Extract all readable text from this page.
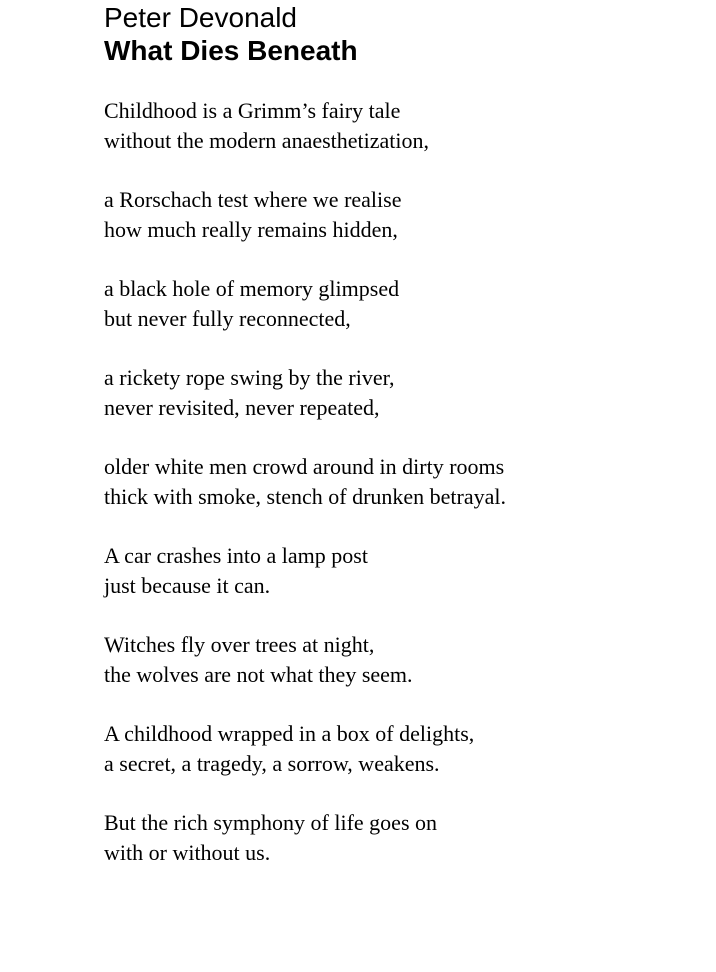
Peter Devonald
What Dies Beneath
Childhood is a Grimm’s fairy tale
without the modern anaesthetization,
a Rorschach test where we realise
how much really remains hidden,
a black hole of memory glimpsed
but never fully reconnected,
a rickety rope swing by the river,
never revisited, never repeated,
older white men crowd around in dirty rooms
thick with smoke, stench of drunken betrayal.
A car crashes into a lamp post
just because it can.
Witches fly over trees at night,
the wolves are not what they seem.
A childhood wrapped in a box of delights,
a secret, a tragedy, a sorrow, weakens.
But the rich symphony of life goes on
with or without us.
